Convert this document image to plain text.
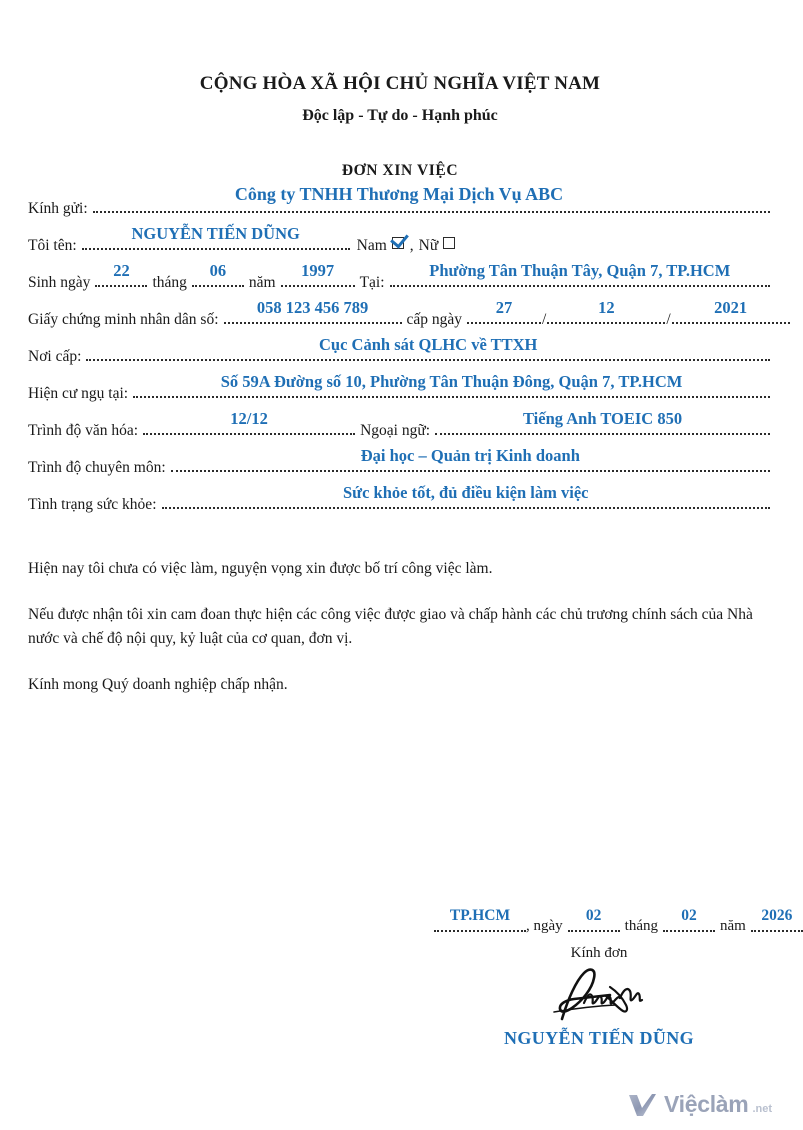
CỘNG HÒA XÃ HỘI CHỦ NGHĨA VIỆT NAM
Độc lập - Tự do - Hạnh phúc
ĐƠN XIN VIỆC
Kính gửi:
Công ty TNHH Thương Mại Dịch Vụ ABC
Tôi tên:
NGUYỄN TIẾN DŨNG
Nam , Nữ
Sinh ngày
22
tháng
06
năm
1997
Tại:
Phường Tân Thuận Tây, Quận 7, TP.HCM
Giấy chứng minh nhân dân số:
058 123 456 789
cấp ngày
27
/
12
/
2021
Nơi cấp:
Cục Cảnh sát QLHC về TTXH
Hiện cư ngụ tại:
Số 59A Đường số 10, Phường Tân Thuận Đông, Quận 7, TP.HCM
Trình độ văn hóa:
12/12
Ngoại ngữ:
Tiếng Anh TOEIC 850
Trình độ chuyên môn:
Đại học – Quản trị Kinh doanh
Tình trạng sức khỏe:
Sức khỏe tốt, đủ điều kiện làm việc

Hiện nay tôi chưa có việc làm, nguyện vọng xin được bố trí công việc làm.

Nếu được nhận tôi xin cam đoan thực hiện các công việc được giao và chấp hành các chủ trương chính sách của Nhà nước và chế độ nội quy, kỷ luật của cơ quan, đơn vị.

Kính mong Quý doanh nghiệp chấp nhận.

TP.HCM
, ngày
02
tháng
02
năm
2026
Kính đơn
NGUYỄN TIẾN DŨNG
Việclàm .net
